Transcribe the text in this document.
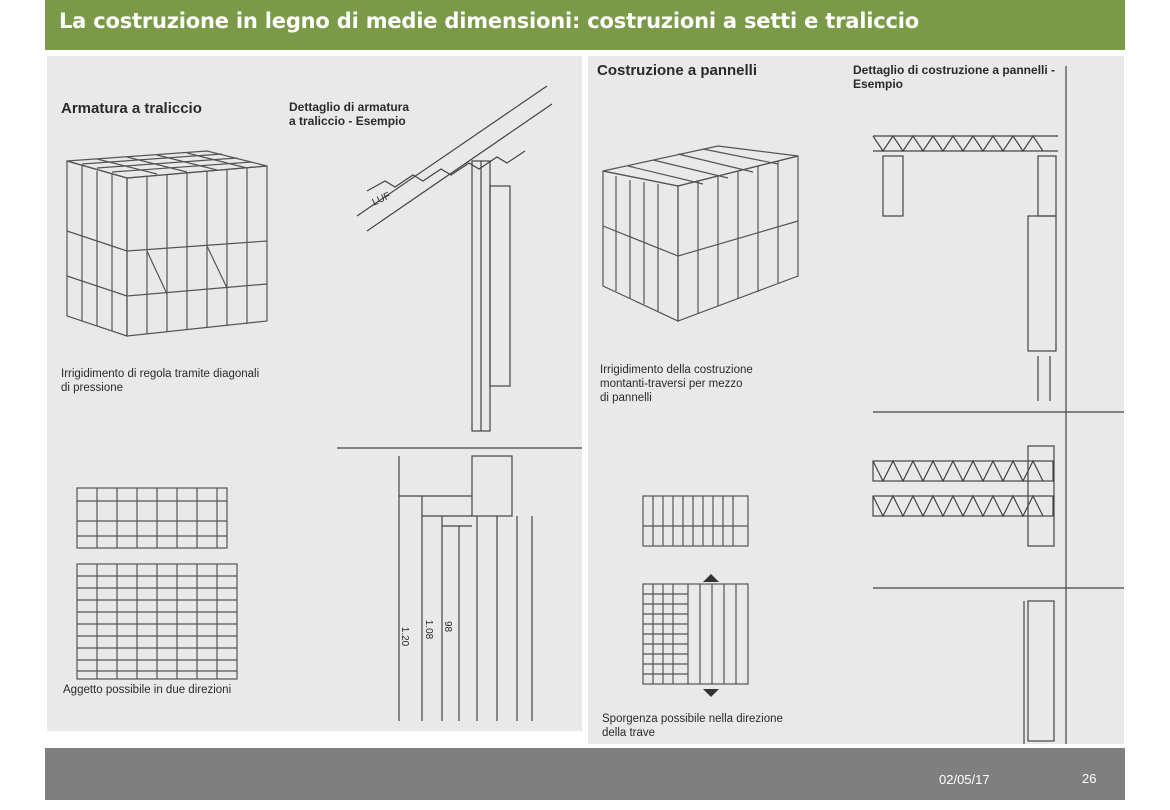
La costruzione in legno di medie dimensioni: costruzioni a setti e traliccio
Armatura a traliccio	Dettaglio di armatura
a traliccio - Esempio
Irrigidimento di regola tramite diagonali
di pressione
Aggetto possibile in due direzioni
LUF
1.20 1.08 98
Costruzione a pannelli	Dettaglio di costruzione a pannelli -
Esempio
Irrigidimento della costruzione
montanti-traversi per mezzo
di pannelli
Sporgenza possibile nella direzione
della trave
02/05/17	26
